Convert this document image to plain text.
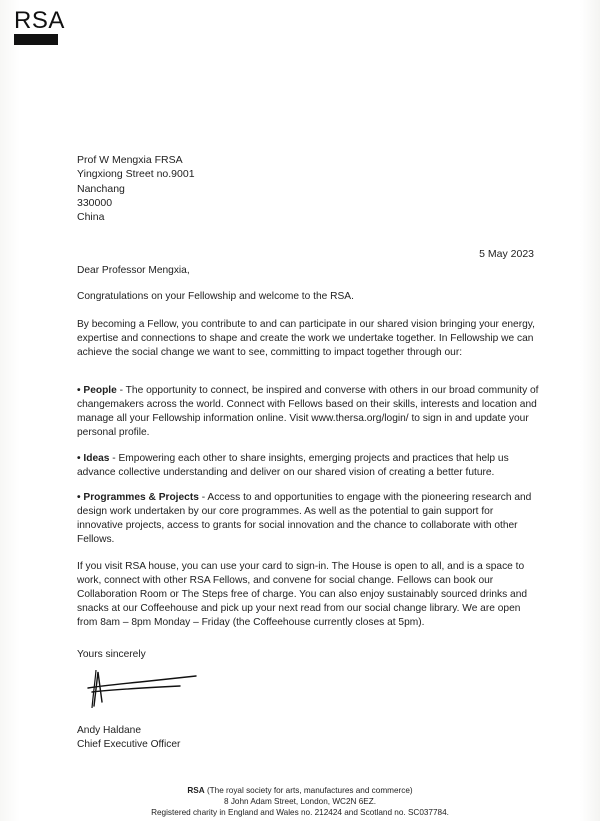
RSA
Prof W Mengxia FRSA
Yingxiong Street no.9001
Nanchang
330000
China
5 May 2023
Dear Professor Mengxia,
Congratulations on your Fellowship and welcome to the RSA.
By becoming a Fellow, you contribute to and can participate in our shared vision bringing your energy, expertise and connections to shape and create the work we undertake together. In Fellowship we can achieve the social change we want to see, committing to impact together through our:
• People - The opportunity to connect, be inspired and converse with others in our broad community of changemakers across the world. Connect with Fellows based on their skills, interests and location and manage all your Fellowship information online. Visit www.thersa.org/login/ to sign in and update your personal profile.
• Ideas - Empowering each other to share insights, emerging projects and practices that help us advance collective understanding and deliver on our shared vision of creating a better future.
• Programmes & Projects - Access to and opportunities to engage with the pioneering research and design work undertaken by our core programmes. As well as the potential to gain support for innovative projects, access to grants for social innovation and the chance to collaborate with other Fellows.
If you visit RSA house, you can use your card to sign-in. The House is open to all, and is a space to work, connect with other RSA Fellows, and convene for social change. Fellows can book our Collaboration Room or The Steps free of charge. You can also enjoy sustainably sourced drinks and snacks at our Coffeehouse and pick up your next read from our social change library. We are open from 8am – 8pm Monday – Friday (the Coffeehouse currently closes at 5pm).
Yours sincerely
Andy Haldane
Chief Executive Officer
RSA (The royal society for arts, manufactures and commerce)
8 John Adam Street, London, WC2N 6EZ.
Registered charity in England and Wales no. 212424 and Scotland no. SC037784.
